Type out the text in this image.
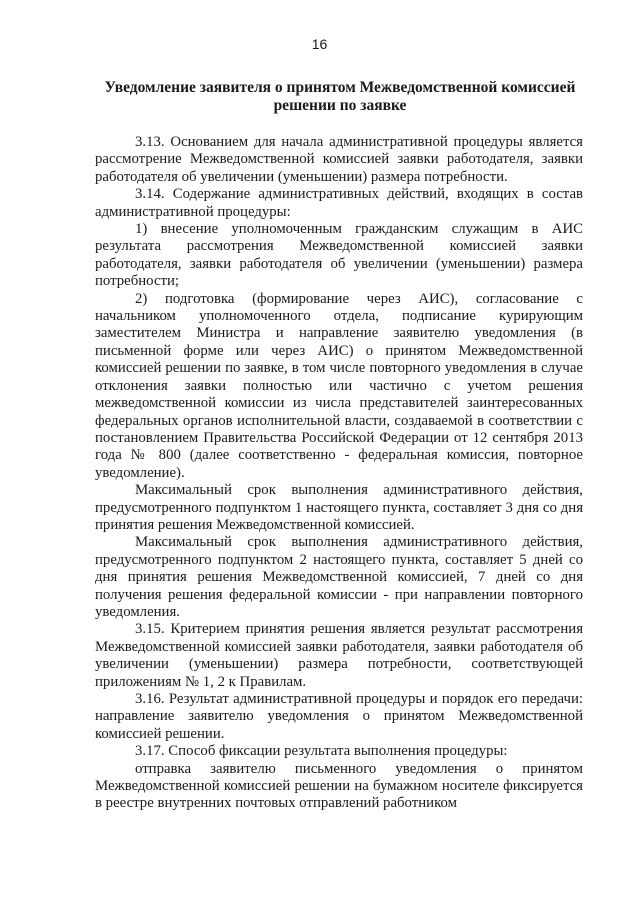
16
Уведомление заявителя о принятом Межведомственной комиссией
решении по заявке

3.13. Основанием для начала административной процедуры является рассмотрение Межведомственной комиссией заявки работодателя, заявки работодателя об увеличении (уменьшении) размера потребности.

3.14. Содержание административных действий, входящих в состав административной процедуры:

1) внесение уполномоченным гражданским служащим в АИС результата рассмотрения Межведомственной комиссией заявки работодателя, заявки работодателя об увеличении (уменьшении) размера потребности;

2) подготовка (формирование через АИС), согласование с начальником уполномоченного отдела, подписание курирующим заместителем Министра и направление заявителю уведомления (в письменной форме или через АИС) о принятом Межведомственной комиссией решении по заявке, в том числе повторного уведомления в случае отклонения заявки полностью или частично с учетом решения межведомственной комиссии из числа представителей заинтересованных федеральных органов исполнительной власти, создаваемой в соответствии с постановлением Правительства Российской Федерации от 12 сентября 2013 года № 800 (далее соответственно - федеральная комиссия, повторное уведомление).

Максимальный срок выполнения административного действия, предусмотренного подпунктом 1 настоящего пункта, составляет 3 дня со дня принятия решения Межведомственной комиссией.

Максимальный срок выполнения административного действия, предусмотренного подпунктом 2 настоящего пункта, составляет 5 дней со дня принятия решения Межведомственной комиссией, 7 дней со дня получения решения федеральной комиссии - при направлении повторного уведомления.

3.15. Критерием принятия решения является результат рассмотрения Межведомственной комиссией заявки работодателя, заявки работодателя об увеличении (уменьшении) размера потребности, соответствующей приложениям № 1, 2 к Правилам.

3.16. Результат административной процедуры и порядок его передачи: направление заявителю уведомления о принятом Межведомственной комиссией решении.

3.17. Способ фиксации результата выполнения процедуры:

отправка заявителю письменного уведомления о принятом Межведомственной комиссией решении на бумажном носителе фиксируется в реестре внутренних почтовых отправлений работником
